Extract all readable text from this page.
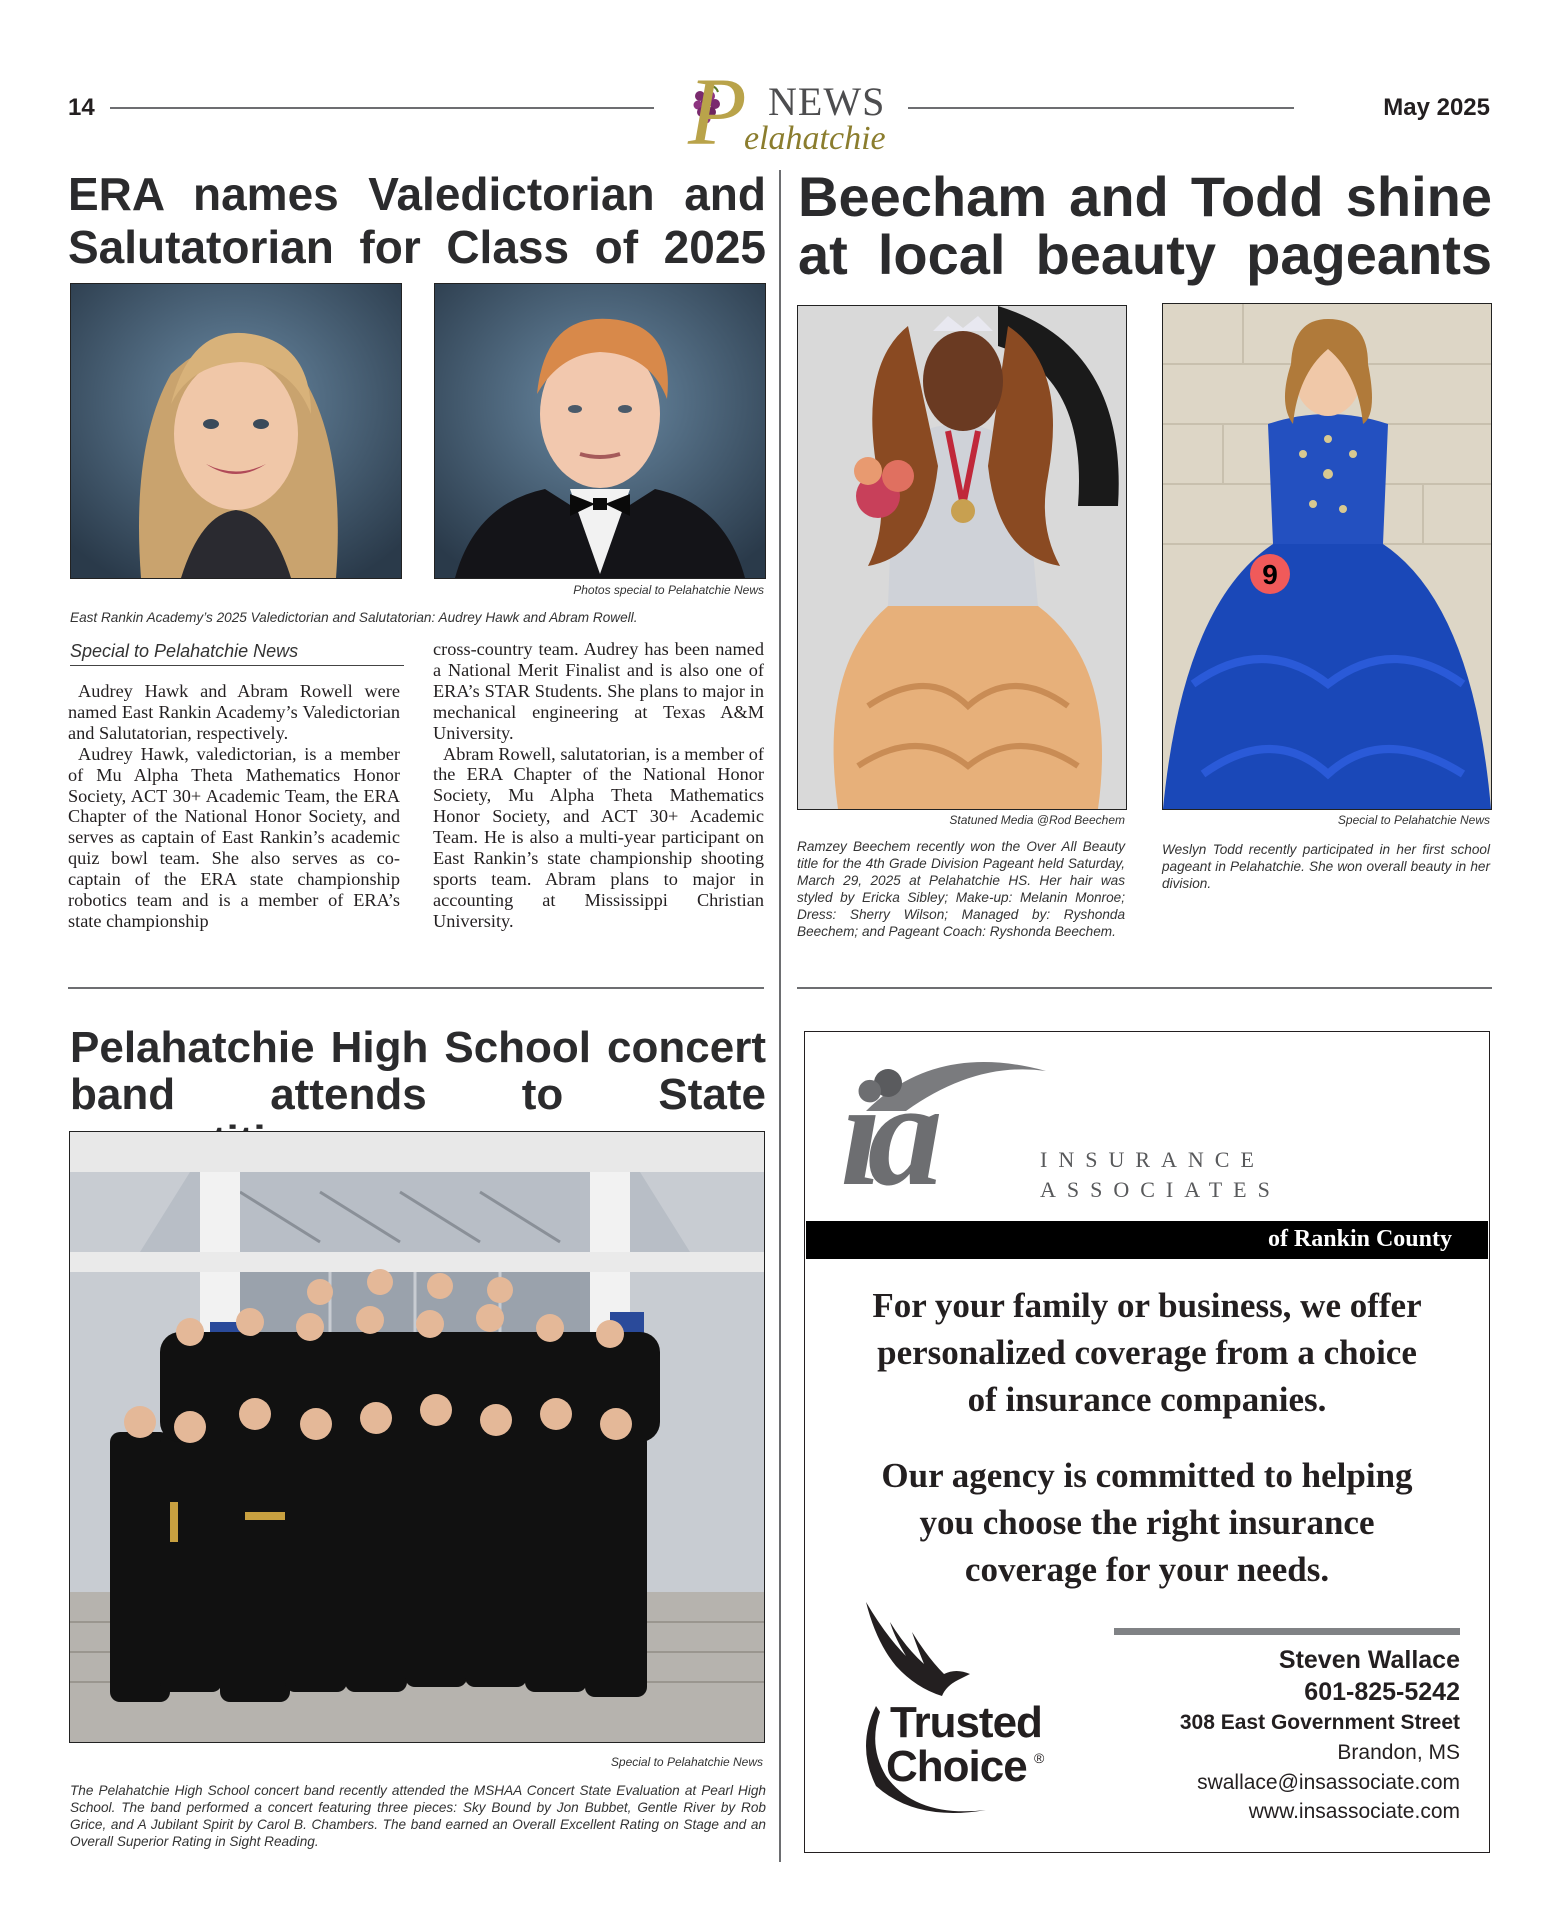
14	P NEWS
elahatchie
May 2025
ERA names Valedictorian and Salutatorian for Class of 2025
Photos special to Pelahatchie News
East Rankin Academy’s 2025 Valedictorian and Salutatorian: Audrey Hawk and Abram Rowell.
Special to Pelahatchie News

Audrey Hawk and Abram Rowell were named East Rankin Academy’s Valedictorian and Salutatorian, respectively.

Audrey Hawk, valedictorian, is a member of Mu Alpha Theta Mathematics Honor Society, ACT 30+ Academic Team, the ERA Chapter of the National Honor Society, and serves as captain of East Rankin’s academic quiz bowl team. She also serves as co-captain of the ERA state championship robotics team and is a member of ERA’s state championship

cross-country team. Audrey has been named a National Merit Finalist and is also one of ERA’s STAR Students. She plans to major in mechanical engineering at Texas A&M University.

Abram Rowell, salutatorian, is a member of the ERA Chapter of the National Honor Society, Mu Alpha Theta Mathematics Honor Society, and ACT 30+ Academic Team. He is also a multi-year participant on East Rankin’s state championship shooting sports team. Abram plans to major in accounting at Mississippi Christian University.

Beecham and Todd shine at local beauty pageants
9
Statuned Media @Rod Beechem	Special to Pelahatchie News
Ramzey Beechem recently won the Over All Beauty title for the 4th Grade Division Pageant held Saturday, March 29, 2025 at Pelahatchie HS. Her hair was styled by Ericka Sibley; Make-up: Melanin Monroe; Dress: Sherry Wilson; Managed by: Ryshonda Beechem; and Pageant Coach: Ryshonda Beechem.
Weslyn Todd recently participated in her first school pageant in Pelahatchie. She won overall beauty in her division.
Pelahatchie High School concert band attends to State
Special to Pelahatchie News
The Pelahatchie High School concert band recently attended the MSHAA Concert State Evaluation at Pearl High School. The band performed a concert featuring three pieces: Sky Bound by Jon Bubbet, Gentle River by Rob Grice, and A Jubilant Spirit by Carol B. Chambers. The band earned an Overall Excellent Rating on Stage and an Overall Superior Rating in Sight Reading.
ia	INSURANCE
ASSOCIATES
of Rankin County
For your family or business, we offer
personalized coverage from a choice
of insurance companies.
Our agency is committed to helping
you choose the right insurance
coverage for your needs.
Trusted
Choice ®
Steven Wallace
601-825-5242
308 East Government Street
Brandon, MS
swallace@insassociate.com
www.insassociate.com
